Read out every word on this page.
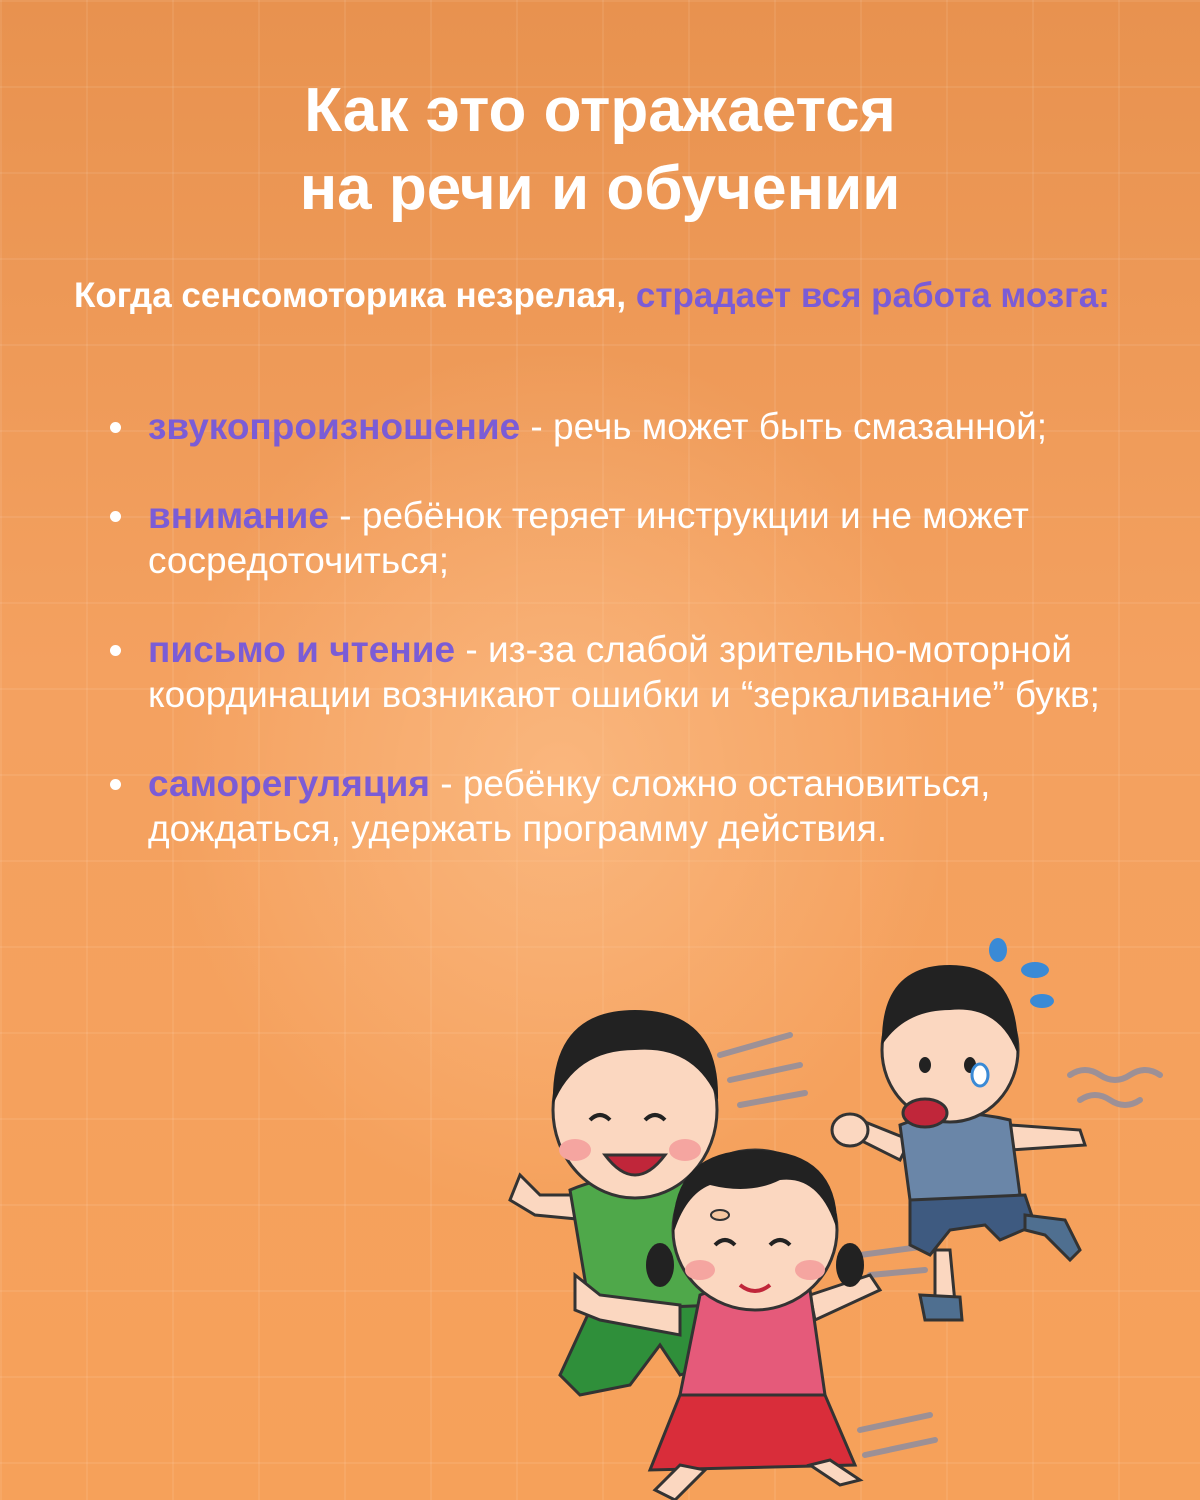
Как это отражается
на речи и обучении
Когда сенсомоторика незрелая, страдает вся работа мозга:
звукопроизношение - речь может быть смазанной;
внимание - ребёнок теряет инструкции и не может сосредоточиться;
письмо и чтение - из-за слабой зрительно-моторной координации возникают ошибки и “зеркаливание” букв;
саморегуляция - ребёнку сложно остановиться, дождаться, удержать программу действия.
